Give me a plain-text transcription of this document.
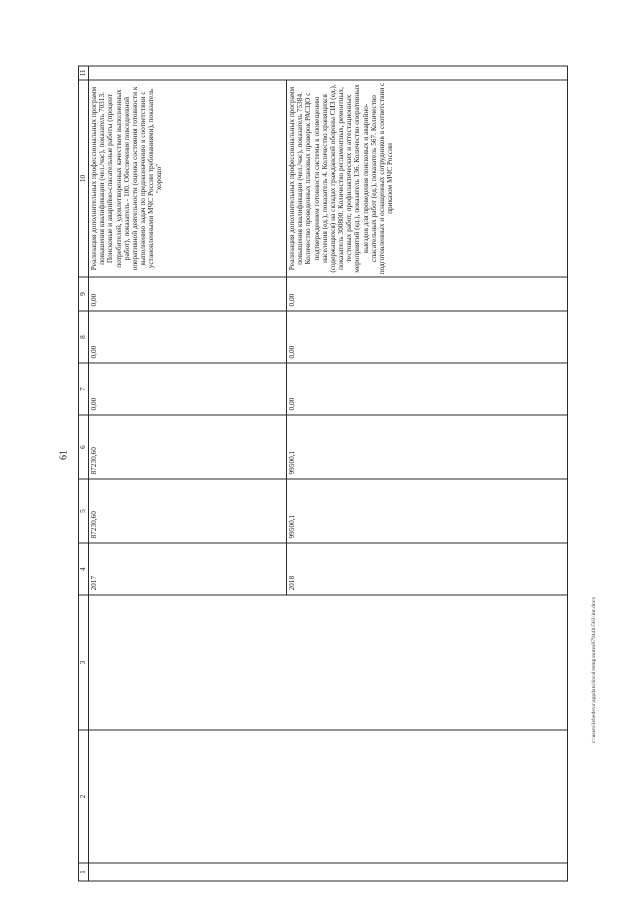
61
1	2	3	4	5	6	7	8	9	10	11
			2017	87230,60	87230,60	0,00	0,00	0,00	Реализация дополнительных профессиональных программ повышения квалификации (чел./час), показатель 70313. Поисковые и аварийно-спасательные работы (процент потребителей, удовлетворенных качеством выполненных работ), показатель - 100. Обеспечение повседневной оперативной деятельности (оценка состояния готовности к выполнению задач по предназначению в соответствии с установленными МЧС России требованиями), показатель "хорошо"	
			2018	99500,1	99500,1	0,00	0,00	0,00	Реализация дополнительных профессиональных программ повышения квалификации (чел./час), показатель 75384. Количество проведенных плановых проверок РАСЦО с подтверждением готовности системы к оповещению населения (ед.), показатель 4. Количество хранящихся (содержащихся) на складах гражданской обороны СИЗ (ед.), показатель 300800. Количество регламентных, ремонтных, тестовых работ, профилактических и аттестационных мероприятий (ед.), показатель 136. Количество оперативных выездов для проведения поисковых и аварийно-спасательных работ (ед.), показатель 567. Количество подготовленных и оснащенных сотрудников в соответствии с приказом МЧС России	
c:\users\lebedeva\appdata\local\temp\notes87944b\503-inr.docx
